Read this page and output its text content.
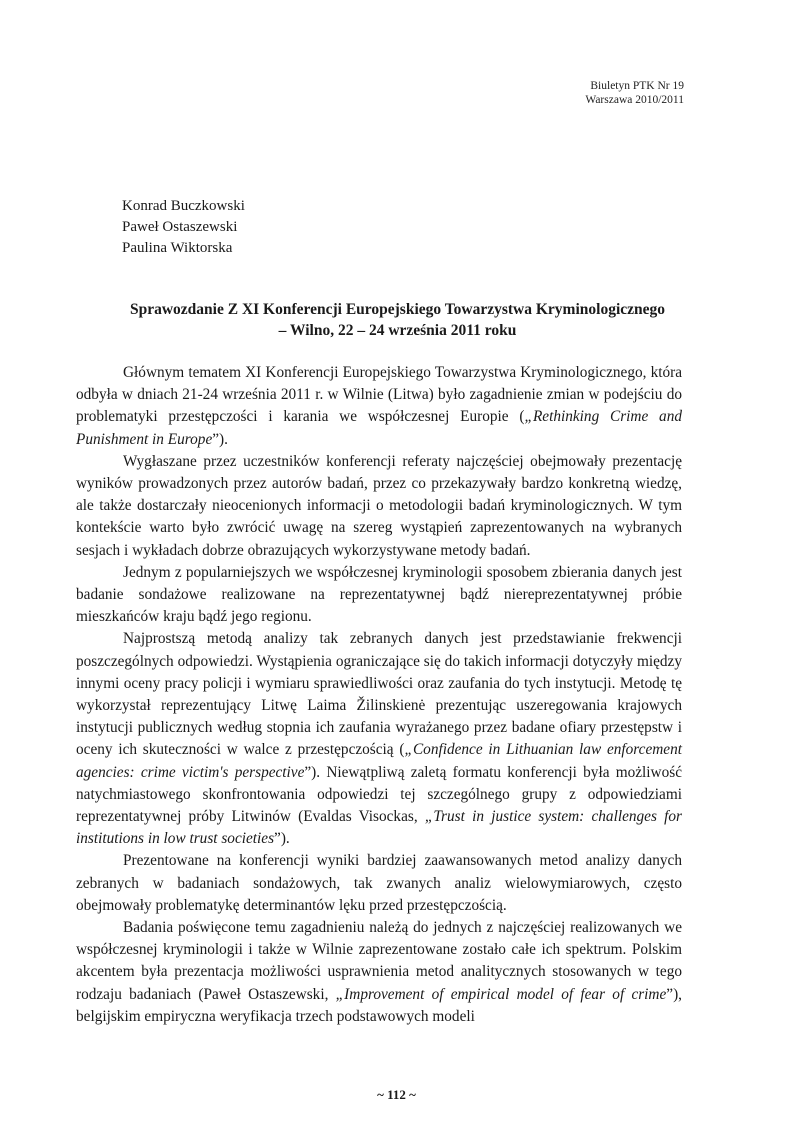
Biuletyn PTK Nr 19
Warszawa 2010/2011
Konrad Buczkowski
Paweł Ostaszewski
Paulina Wiktorska
Sprawozdanie Z XI Konferencji Europejskiego Towarzystwa Kryminologicznego
– Wilno, 22 – 24 września 2011 roku

Głównym tematem XI Konferencji Europejskiego Towarzystwa Kryminologicznego, która odbyła w dniach 21-24 września 2011 r. w Wilnie (Litwa) było zagadnienie zmian w podejściu do problematyki przestępczości i karania we współczesnej Europie („Rethinking Crime and Punishment in Europe”).

Wygłaszane przez uczestników konferencji referaty najczęściej obejmowały prezentację wyników prowadzonych przez autorów badań, przez co przekazywały bardzo konkretną wiedzę, ale także dostarczały nieocenionych informacji o metodologii badań kryminologicznych. W tym kontekście warto było zwrócić uwagę na szereg wystąpień zaprezentowanych na wybranych sesjach i wykładach dobrze obrazujących wykorzystywane metody badań.

Jednym z popularniejszych we współczesnej kryminologii sposobem zbierania danych jest badanie sondażowe realizowane na reprezentatywnej bądź niereprezentatywnej próbie mieszkańców kraju bądź jego regionu.

Najprostszą metodą analizy tak zebranych danych jest przedstawianie frekwencji poszczególnych odpowiedzi. Wystąpienia ograniczające się do takich informacji dotyczyły między innymi oceny pracy policji i wymiaru sprawiedliwości oraz zaufania do tych instytucji. Metodę tę wykorzystał reprezentujący Litwę Laima Žilinskienė prezentując uszeregowania krajowych instytucji publicznych według stopnia ich zaufania wyrażanego przez badane ofiary przestępstw i oceny ich skuteczności w walce z przestępczością („Confidence in Lithuanian law enforcement agencies: crime victim's perspective”). Niewątpliwą zaletą formatu konferencji była możliwość natychmiastowego skonfrontowania odpowiedzi tej szczególnego grupy z odpowiedziami reprezentatywnej próby Litwinów (Evaldas Visockas, „Trust in justice system: challenges for institutions in low trust societies”).

Prezentowane na konferencji wyniki bardziej zaawansowanych metod analizy danych zebranych w badaniach sondażowych, tak zwanych analiz wielowymiarowych, często obejmowały problematykę determinantów lęku przed przestępczością.

Badania poświęcone temu zagadnieniu należą do jednych z najczęściej realizowanych we współczesnej kryminologii i także w Wilnie zaprezentowane zostało całe ich spektrum. Polskim akcentem była prezentacja możliwości usprawnienia metod analitycznych stosowanych w tego rodzaju badaniach (Paweł Ostaszewski, „Improvement of empirical model of fear of crime”), belgijskim empiryczna weryfikacja trzech podstawowych modeli

~ 112 ~
